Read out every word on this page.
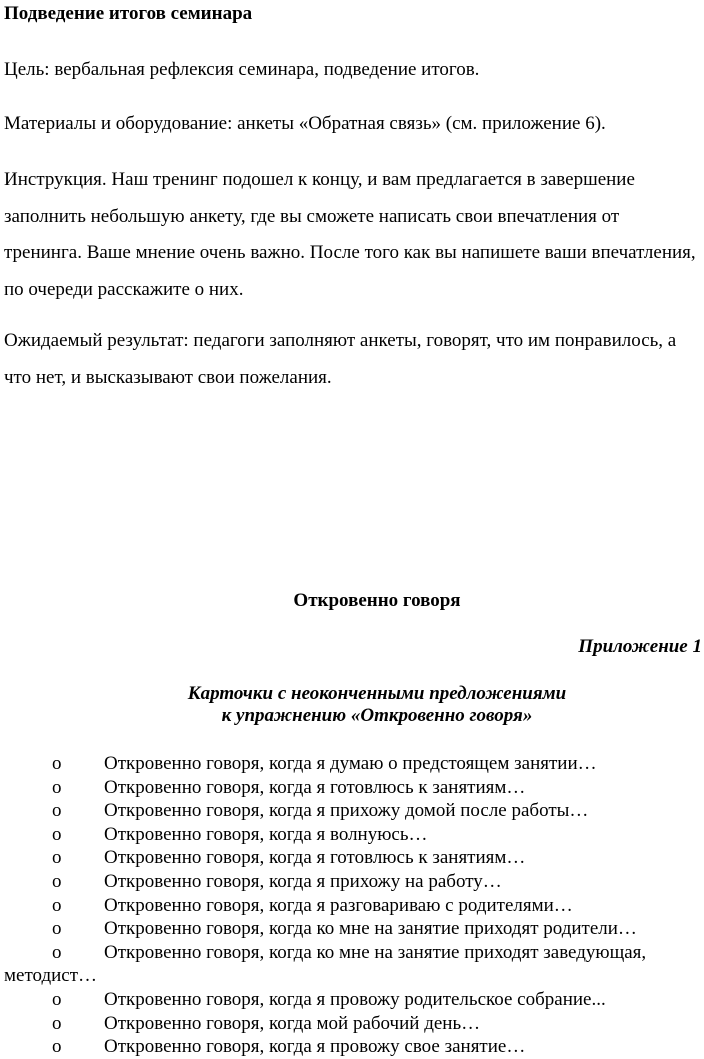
Подведение итогов семинара

Цель: вербальная рефлексия семинара, подведение итогов.

Материалы и оборудование: анкеты «Обратная связь» (см. приложение 6).

Инструкция. Наш тренинг подошел к концу, и вам предлагается в завершение заполнить небольшую анкету, где вы сможете написать свои впечатления от тренинга. Ваше мнение очень важно. После того как вы напишете ваши впечатления, по очереди расскажите о них.

Ожидаемый результат: педагоги заполняют анкеты, говорят, что им понравилось, а что нет, и высказывают свои пожелания.

Откровенно говоря

Приложение 1

Карточки с неоконченными предложениями
к упражнению «Откровенно говоря»

o	Откровенно говоря, когда я думаю о предстоящем занятии…
o	Откровенно говоря, когда я готовлюсь к занятиям…
o	Откровенно говоря, когда я прихожу домой после работы…
o	Откровенно говоря, когда я волнуюсь…
o	Откровенно говоря, когда я готовлюсь к занятиям…
o	Откровенно говоря, когда я прихожу на работу…
o	Откровенно говоря, когда я разговариваю с родителями…
o	Откровенно говоря, когда ко мне на занятие приходят родители…
o	Откровенно говоря, когда ко мне на занятие приходят заведующая, методист…
o	Откровенно говоря, когда я провожу родительское собрание...
o	Откровенно говоря, когда мой рабочий день…
o	Откровенно говоря, когда я провожу свое занятие…
